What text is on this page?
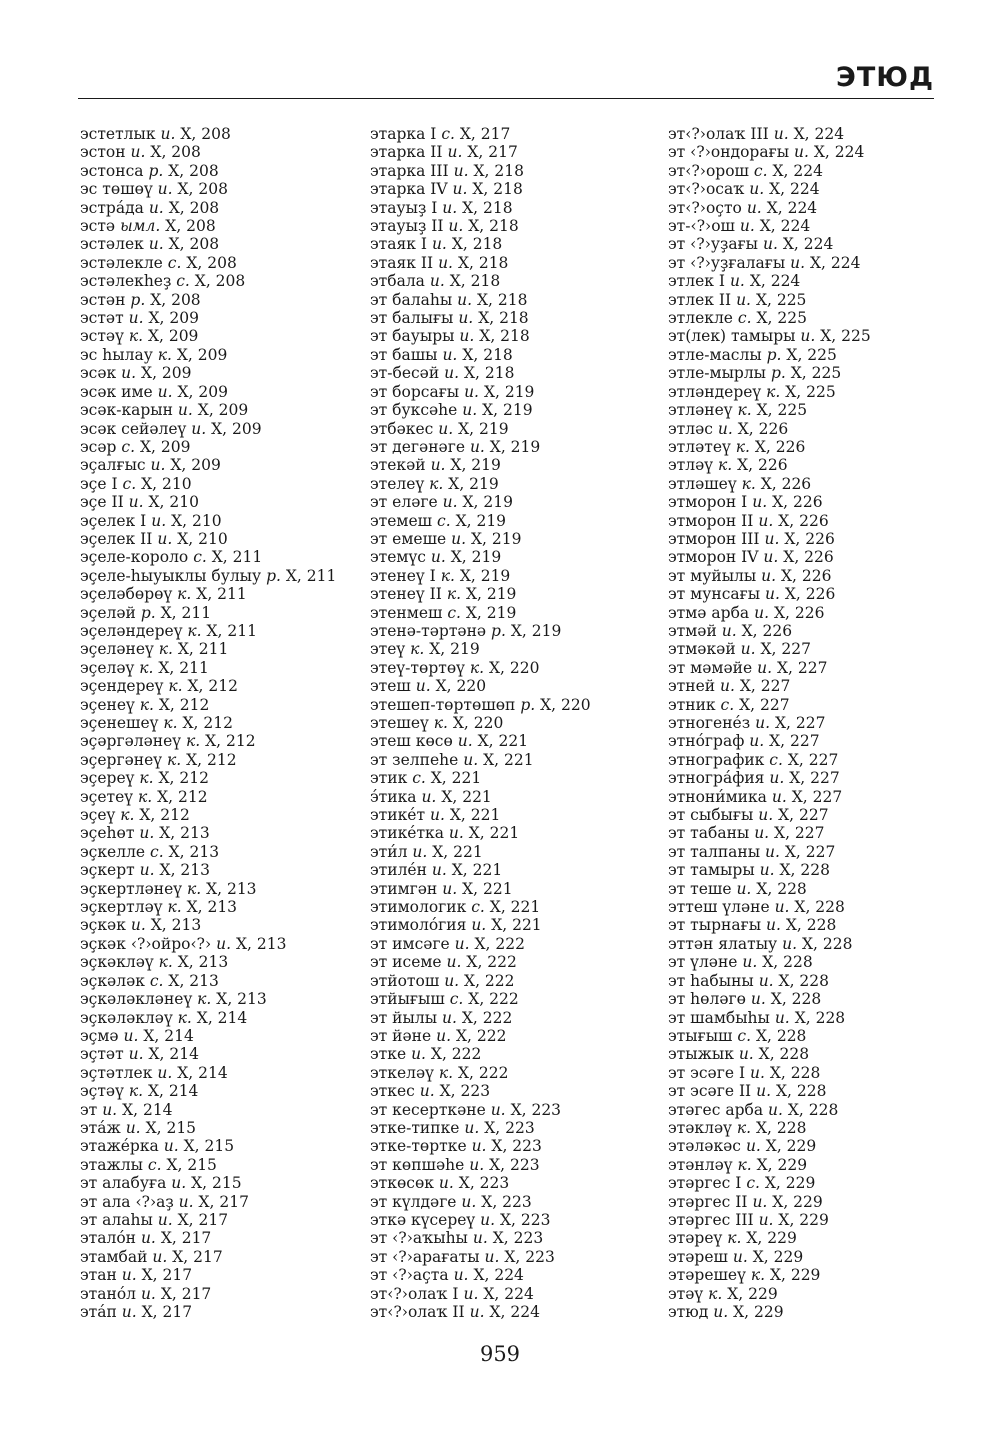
ЭТЮД
эстетлык и. X, 208
эстон и. X, 208
эстонса р. X, 208
эс төшөү и. X, 208
эстрáда и. X, 208
эстә ымл. X, 208
эстәлек и. X, 208
эстәлекле с. X, 208
эстәлекһеҙ с. X, 208
эстән р. X, 208
эстәт и. X, 209
эстәү к. X, 209
эс һылау к. X, 209
эсәк и. X, 209
эсәк име и. X, 209
эсәк-карын и. X, 209
эсәк сейәлеү и. X, 209
эсәр с. X, 209
эҫалғыс и. X, 209
эҫе I с. X, 210
эҫе II и. X, 210
эҫелек I и. X, 210
эҫелек II и. X, 210
эҫеле-короло с. X, 211
эҫеле-һыуыклы булыу р. X, 211
эҫеләбөрөү к. X, 211
эҫеләй р. X, 211
эҫеләндереү к. X, 211
эҫеләнеү к. X, 211
эҫеләү к. X, 211
эҫендереү к. X, 212
эҫенеү к. X, 212
эҫенешеү к. X, 212
эҫәргәләнеү к. X, 212
эҫергәнеү к. X, 212
эҫереү к. X, 212
эҫетеү к. X, 212
эҫеү к. X, 212
эҫеһөт и. X, 213
эҫкелле с. X, 213
эҫкерт и. X, 213
эҫкертләнеү к. X, 213
эҫкертләү к. X, 213
эҫкәк и. X, 213
эҫкәк ‹?›ойро‹?› и. X, 213
эҫкәкләү к. X, 213
эҫкәләк с. X, 213
эҫкәләкләнеү к. X, 213
эҫкәләкләү к. X, 214
эҫмә и. X, 214
эҫтәт и. X, 214
эҫтәтлек и. X, 214
эҫтәү к. X, 214
эт и. X, 214
этáж и. X, 215
этажéрка и. X, 215
этажлы с. X, 215
эт алабуға и. X, 215
эт ала ‹?›аҙ и. X, 217
эт алаһы и. X, 217
эталóн и. X, 217
этамбай и. X, 217
этан и. X, 217
этанóл и. X, 217
этáп и. X, 217
этарка I с. X, 217
этарка II и. X, 217
этарка III и. X, 218
этарка IV и. X, 218
этауыҙ I и. X, 218
этауыҙ II и. X, 218
этаяк I и. X, 218
этаяк II и. X, 218
этбала и. X, 218
эт балаһы и. X, 218
эт балығы и. X, 218
эт бауыры и. X, 218
эт башы и. X, 218
эт-бесәй и. X, 218
эт борсағы и. X, 219
эт буксәһе и. X, 219
этбәкес и. X, 219
эт дегәнәге и. X, 219
этекәй и. X, 219
этелеү к. X, 219
эт еләге и. X, 219
этемеш с. X, 219
эт емеше и. X, 219
этемүс и. X, 219
этенеү I к. X, 219
этенеү II к. X, 219
этенмеш с. X, 219
этенә-тәртәнә р. X, 219
этеү к. X, 219
этеү-төртөү к. X, 220
этеш и. X, 220
этешеп-төртөшөп р. X, 220
этешеү к. X, 220
этеш көсө и. X, 221
эт зелпеһе и. X, 221
этик с. X, 221
э́тика и. X, 221
этикéт и. X, 221
этикéтка и. X, 221
эти́л и. X, 221
этилéн и. X, 221
этимгән и. X, 221
этимологик с. X, 221
этимолóгия и. X, 221
эт имсәге и. X, 222
эт исеме и. X, 222
этйотош и. X, 222
этйығыш с. X, 222
эт йылы и. X, 222
эт йәне и. X, 222
этке и. X, 222
эткеләү к. X, 222
эткес и. X, 223
эт кесерткәне и. X, 223
этке-типке и. X, 223
этке-төртке и. X, 223
эт көпшәһе и. X, 223
эткөсөк и. X, 223
эт күлдәге и. X, 223
эткә күсереү и. X, 223
эт ‹?›аҡыһы и. X, 223
эт ‹?›арағаты и. X, 223
эт ‹?›аҫта и. X, 224
эт‹?›олаҡ I и. X, 224
эт‹?›олаҡ II и. X, 224
эт‹?›олаҡ III и. X, 224
эт ‹?›ондорағы и. X, 224
эт‹?›орош с. X, 224
эт‹?›осаҡ и. X, 224
эт‹?›оҫто и. X, 224
эт-‹?›ош и. X, 224
эт ‹?›уҙағы и. X, 224
эт ‹?›уҙғалағы и. X, 224
этлек I и. X, 224
этлек II и. X, 225
этлекле с. X, 225
эт(лек) тамыры и. X, 225
этле-маслы р. X, 225
этле-мырлы р. X, 225
этләндереү к. X, 225
этләнеү к. X, 225
этләс и. X, 226
этләтеү к. X, 226
этләү к. X, 226
этләшеү к. X, 226
этморон I и. X, 226
этморон II и. X, 226
этморон III и. X, 226
этморон IV и. X, 226
эт муйылы и. X, 226
эт мунсағы и. X, 226
этмә арба и. X, 226
этмәй и. X, 226
этмәкәй и. X, 227
эт мәмәйе и. X, 227
этней и. X, 227
этник с. X, 227
этногенéз и. X, 227
этнóграф и. X, 227
этнографик с. X, 227
этногрáфия и. X, 227
этнони́мика и. X, 227
эт сыбығы и. X, 227
эт табаны и. X, 227
эт талпаны и. X, 227
эт тамыры и. X, 228
эт теше и. X, 228
эттеш үләне и. X, 228
эт тырнағы и. X, 228
эттән ялатыу и. X, 228
эт үләне и. X, 228
эт һабыны и. X, 228
эт һөләгө и. X, 228
эт шамбыһы и. X, 228
этығыш с. X, 228
этыжык и. X, 228
эт эсәге I и. X, 228
эт эсәге II и. X, 228
этәгес арба и. X, 228
этәкләү к. X, 228
этәләкәс и. X, 229
этәнләү к. X, 229
этәргес I с. X, 229
этәргес II и. X, 229
этәргес III и. X, 229
этәреү к. X, 229
этәреш и. X, 229
этәрешеү к. X, 229
этәү к. X, 229
этюд и. X, 229
959
